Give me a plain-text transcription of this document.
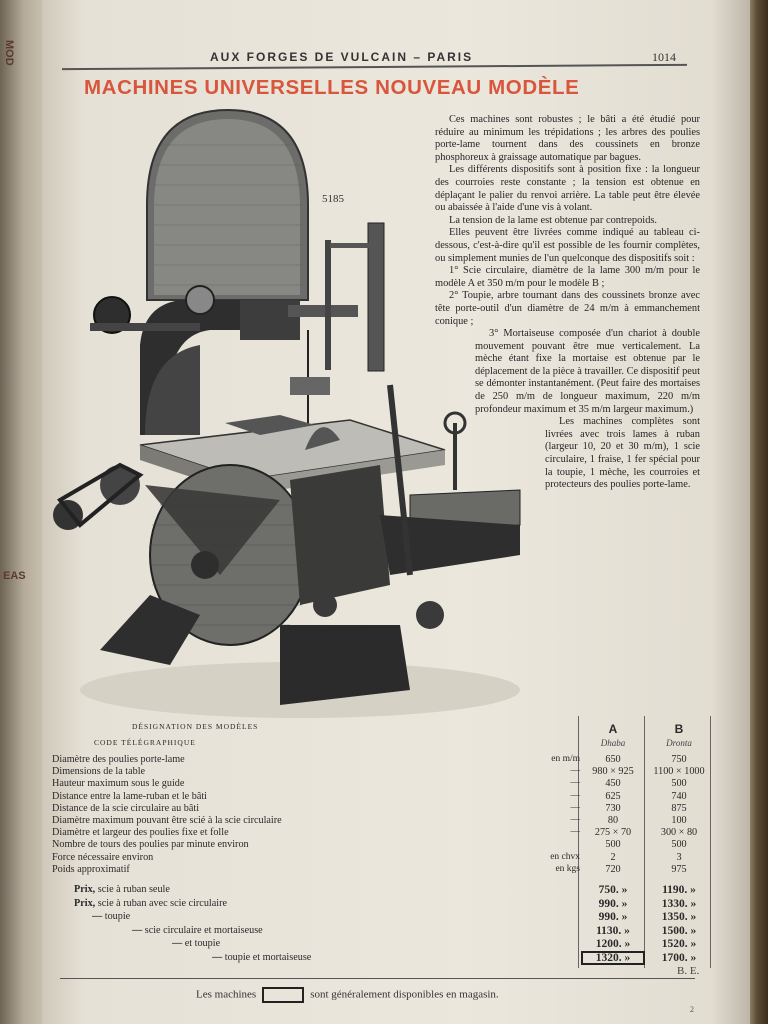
MOD
EAS
AUX FORGES DE VULCAIN – PARIS	1014
MACHINES UNIVERSELLES NOUVEAU MODÈLE
5185

Ces machines sont robustes ; le bâti a été étudié pour réduire au minimum les trépidations ; les arbres des poulies porte-lame tournent dans des coussinets en bronze phosphoreux à graissage automatique par bagues.

Les différents dispositifs sont à position fixe : la longueur des courroies reste constante ; la tension est obtenue en déplaçant le palier du renvoi arrière. La table peut être élevée ou abaissée à l'aide d'une vis à volant.

La tension de la lame est obtenue par contrepoids.

Elles peuvent être livrées comme indiqué au tableau ci-dessous, c'est-à-dire qu'il est possible de les fournir complètes, ou simplement munies de l'un quelconque des dispositifs soit :

1° Scie circulaire, diamètre de la lame 300 m/m pour le modèle A et 350 m/m pour le modèle B ;

2° Toupie, arbre tournant dans des coussinets bronze avec tête porte-outil d'un diamètre de 24 m/m à emmanchement conique ;

3° Mortaiseuse composée d'un chariot à double mouvement pouvant être mue verticalement. La mèche étant fixe la mortaise est obtenue par le déplacement de la pièce à travailler. Ce dispositif peut se démonter instantanément. (Peut faire des mortaises de 250 m/m de longueur maximum, 220 m/m profondeur maximum et 35 m/m largeur maximum.)

Les machines complètes sont livrées avec trois lames à ruban (largeur 10, 20 et 30 m/m), 1 scie circulaire, 1 fraise, 1 fer spécial pour la toupie, 1 mèche, les courroies et protecteurs des poulies porte-lame.

DÉSIGNATION DES MODÈLES	A	B
CODE TÉLÉGRAPHIQUE	Dhaba	Dronta
Diamètre des poulies porte-lame	en m/m	650	750
Dimensions de la table	—	980 × 925	1100 × 1000
Hauteur maximum sous le guide	—	450	500
Distance entre la lame-ruban et le bâti	—	625	740
Distance de la scie circulaire au bâti	—	730	875
Diamètre maximum pouvant être scié à la scie circulaire	—	80	100
Diamètre et largeur des poulies fixe et folle	—	275 × 70	300 × 80
Nombre de tours des poulies par minute environ	500	500
Force nécessaire environ	en chvx	2	3
Poids approximatif	en kgs	720	975
Prix, scie à ruban seule	750. »	1190. »
Prix, scie à ruban avec scie circulaire	990. »	1330. »
— toupie	990. »	1350. »
— scie circulaire et mortaiseuse	1130. »	1500. »
— et toupie	1200. »	1520. »
— toupie et mortaiseuse	1320. »	1700. »
B. E.
Les machines	sont généralement disponibles en magasin.
2
